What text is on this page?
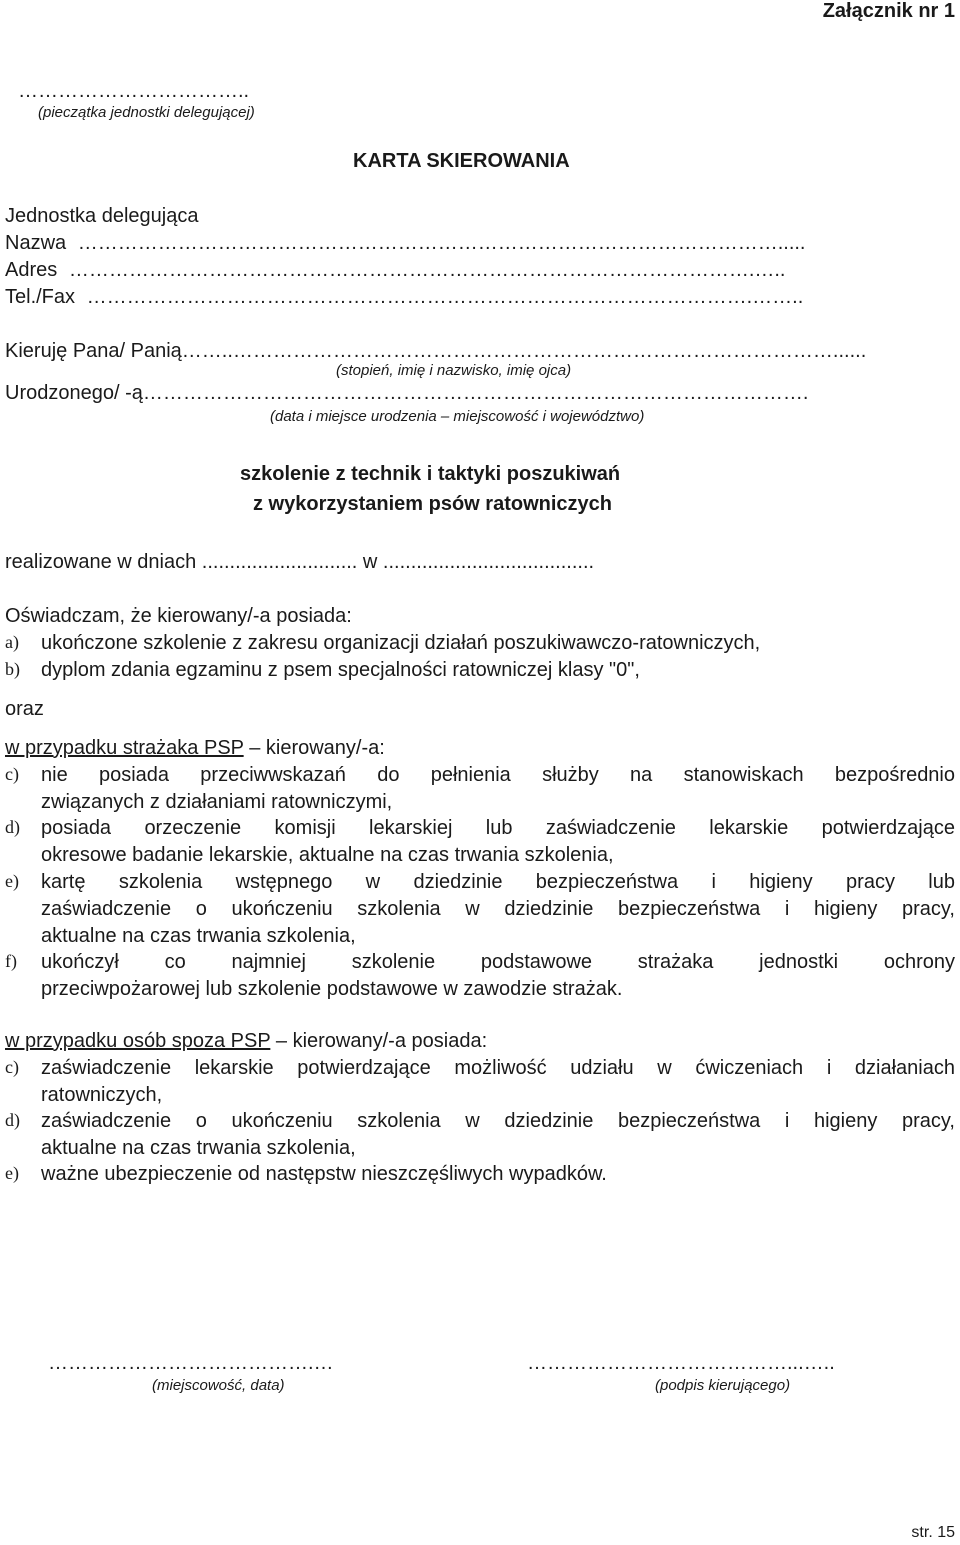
Załącznik nr 1
……………………………..
(pieczątka jednostki delegującej)
KARTA SKIEROWANIA
Jednostka delegująca
Nazwa …………………………………………………………………………………………….....
Adres ………………………………………………………………………………………….…..
Tel./Fax ……………………………………………………………………………………….……..
Kieruję Pana/ Panią……..………………………………………………………………………………......
(stopień, imię i nazwisko, imię ojca)
Urodzonego/ -ą……………………………………………………………………………………….
(data i miejsce urodzenia – miejscowość i województwo)
szkolenie z technik i taktyki poszukiwań
z wykorzystaniem psów ratowniczych
realizowane w dniach ............................ w ......................................
Oświadczam, że kierowany/-a posiada:
a) ukończone szkolenie z zakresu organizacji działań poszukiwawczo-ratowniczych,
b) dyplom zdania egzaminu z psem specjalności ratowniczej klasy "0",
oraz
w przypadku strażaka PSP – kierowany/-a:
c) nie posiada przeciwwskazań do pełnienia służby na stanowiskach bezpośrednio
związanych z działaniami ratowniczymi,
d) posiada orzeczenie komisji lekarskiej lub zaświadczenie lekarskie potwierdzające
okresowe badanie lekarskie, aktualne na czas trwania szkolenia,
e) kartę szkolenia wstępnego w dziedzinie bezpieczeństwa i higieny pracy lub
zaświadczenie o ukończeniu szkolenia w dziedzinie bezpieczeństwa i higieny pracy,
aktualne na czas trwania szkolenia,
f) ukończył co najmniej szkolenie podstawowe strażaka jednostki ochrony
przeciwpożarowej lub szkolenie podstawowe w zawodzie strażak.
w przypadku osób spoza PSP – kierowany/-a posiada:
c) zaświadczenie lekarskie potwierdzające możliwość udziału w ćwiczeniach i działaniach
ratowniczych,
d) zaświadczenie o ukończeniu szkolenia w dziedzinie bezpieczeństwa i higieny pracy,
aktualne na czas trwania szkolenia,
e) ważne ubezpieczenie od następstw nieszczęśliwych wypadków.
………………………………….…
(miejscowość, data)
…………………………………...…..
(podpis kierującego)
str. 15
